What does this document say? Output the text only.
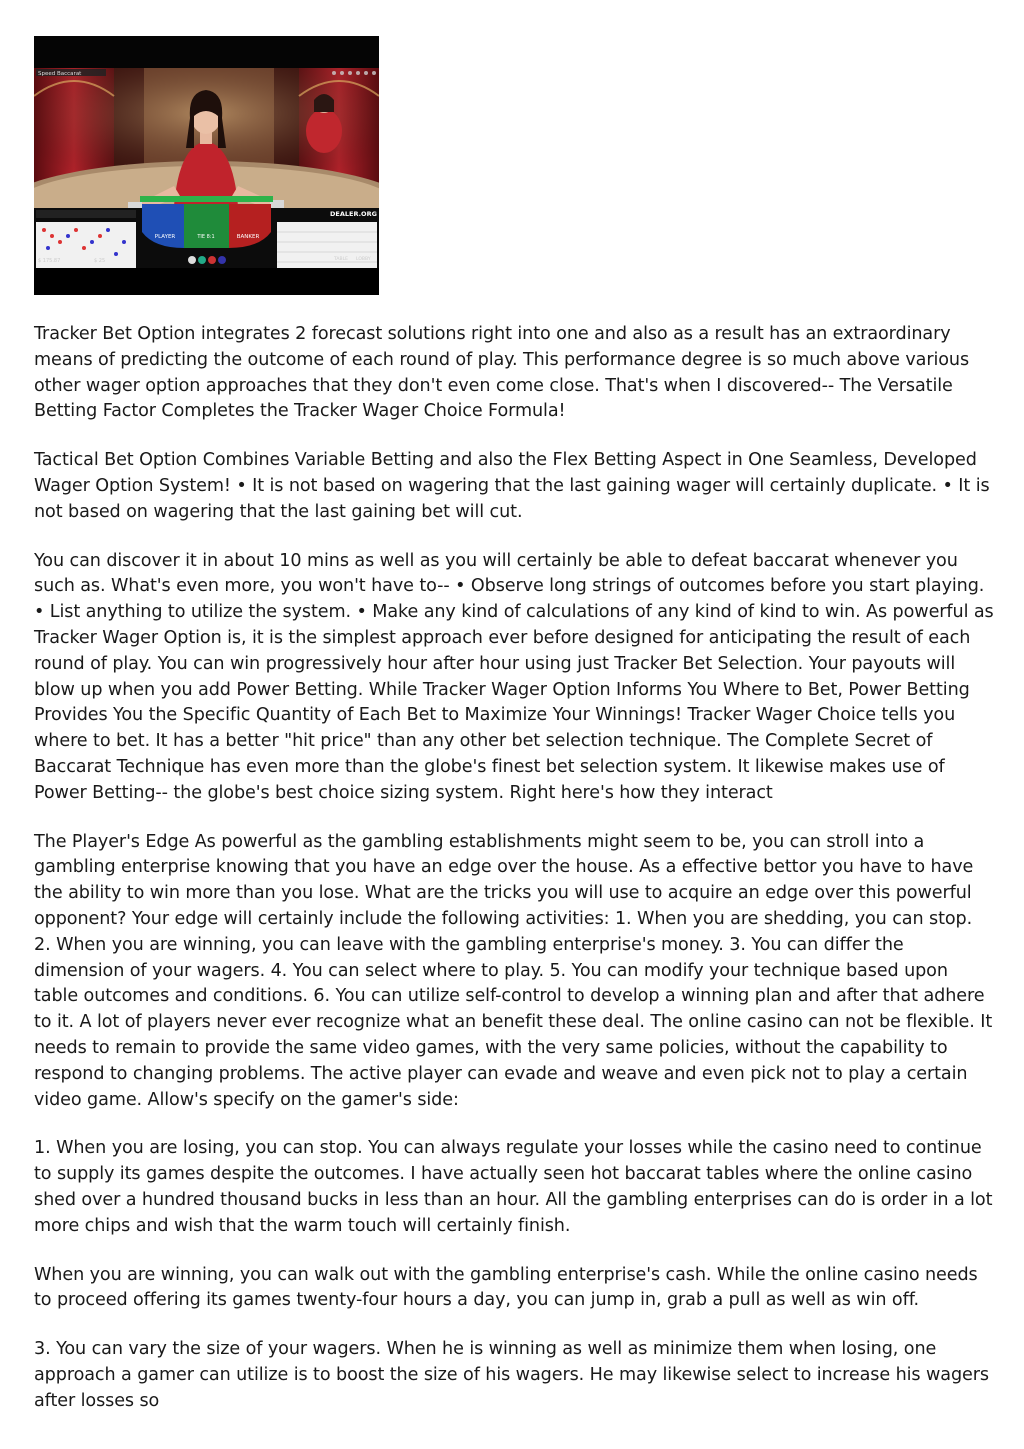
Speed Baccarat
DEALER.ORG
PLAYER	TIE 8:1	BANKER
$ 175.87	$ 25	TABLE LOBBY

Tracker Bet Option integrates 2 forecast solutions right into one and also as a result has an extraordinary means of predicting the outcome of each round of play. This performance degree is so much above various other wager option approaches that they don't even come close. That's when I discovered-- The Versatile Betting Factor Completes the Tracker Wager Choice Formula!

Tactical Bet Option Combines Variable Betting and also the Flex Betting Aspect in One Seamless, Developed Wager Option System! • It is not based on wagering that the last gaining wager will certainly duplicate. • It is not based on wagering that the last gaining bet will cut.

You can discover it in about 10 mins as well as you will certainly be able to defeat baccarat whenever you such as. What's even more, you won't have to-- • Observe long strings of outcomes before you start playing. • List anything to utilize the system. • Make any kind of calculations of any kind of kind to win. As powerful as Tracker Wager Option is, it is the simplest approach ever before designed for anticipating the result of each round of play. You can win progressively hour after hour using just Tracker Bet Selection. Your payouts will blow up when you add Power Betting. While Tracker Wager Option Informs You Where to Bet, Power Betting Provides You the Specific Quantity of Each Bet to Maximize Your Winnings! Tracker Wager Choice tells you where to bet. It has a better "hit price" than any other bet selection technique. The Complete Secret of Baccarat Technique has even more than the globe's finest bet selection system. It likewise makes use of Power Betting-- the globe's best choice sizing system. Right here's how they interact

The Player's Edge As powerful as the gambling establishments might seem to be, you can stroll into a gambling enterprise knowing that you have an edge over the house. As a effective bettor you have to have the ability to win more than you lose. What are the tricks you will use to acquire an edge over this powerful opponent? Your edge will certainly include the following activities: 1. When you are shedding, you can stop. 2. When you are winning, you can leave with the gambling enterprise's money. 3. You can differ the dimension of your wagers. 4. You can select where to play. 5. You can modify your technique based upon table outcomes and conditions. 6. You can utilize self-control to develop a winning plan and after that adhere to it. A lot of players never ever recognize what an benefit these deal. The online casino can not be flexible. It needs to remain to provide the same video games, with the very same policies, without the capability to respond to changing problems. The active player can evade and weave and even pick not to play a certain video game. Allow's specify on the gamer's side:

1. When you are losing, you can stop. You can always regulate your losses while the casino need to continue to supply its games despite the outcomes. I have actually seen hot baccarat tables where the online casino shed over a hundred thousand bucks in less than an hour. All the gambling enterprises can do is order in a lot more chips and wish that the warm touch will certainly finish.

When you are winning, you can walk out with the gambling enterprise's cash. While the online casino needs to proceed offering its games twenty-four hours a day, you can jump in, grab a pull as well as win off.

3. You can vary the size of your wagers. When he is winning as well as minimize them when losing, one approach a gamer can utilize is to boost the size of his wagers. He may likewise select to increase his wagers after losses so
